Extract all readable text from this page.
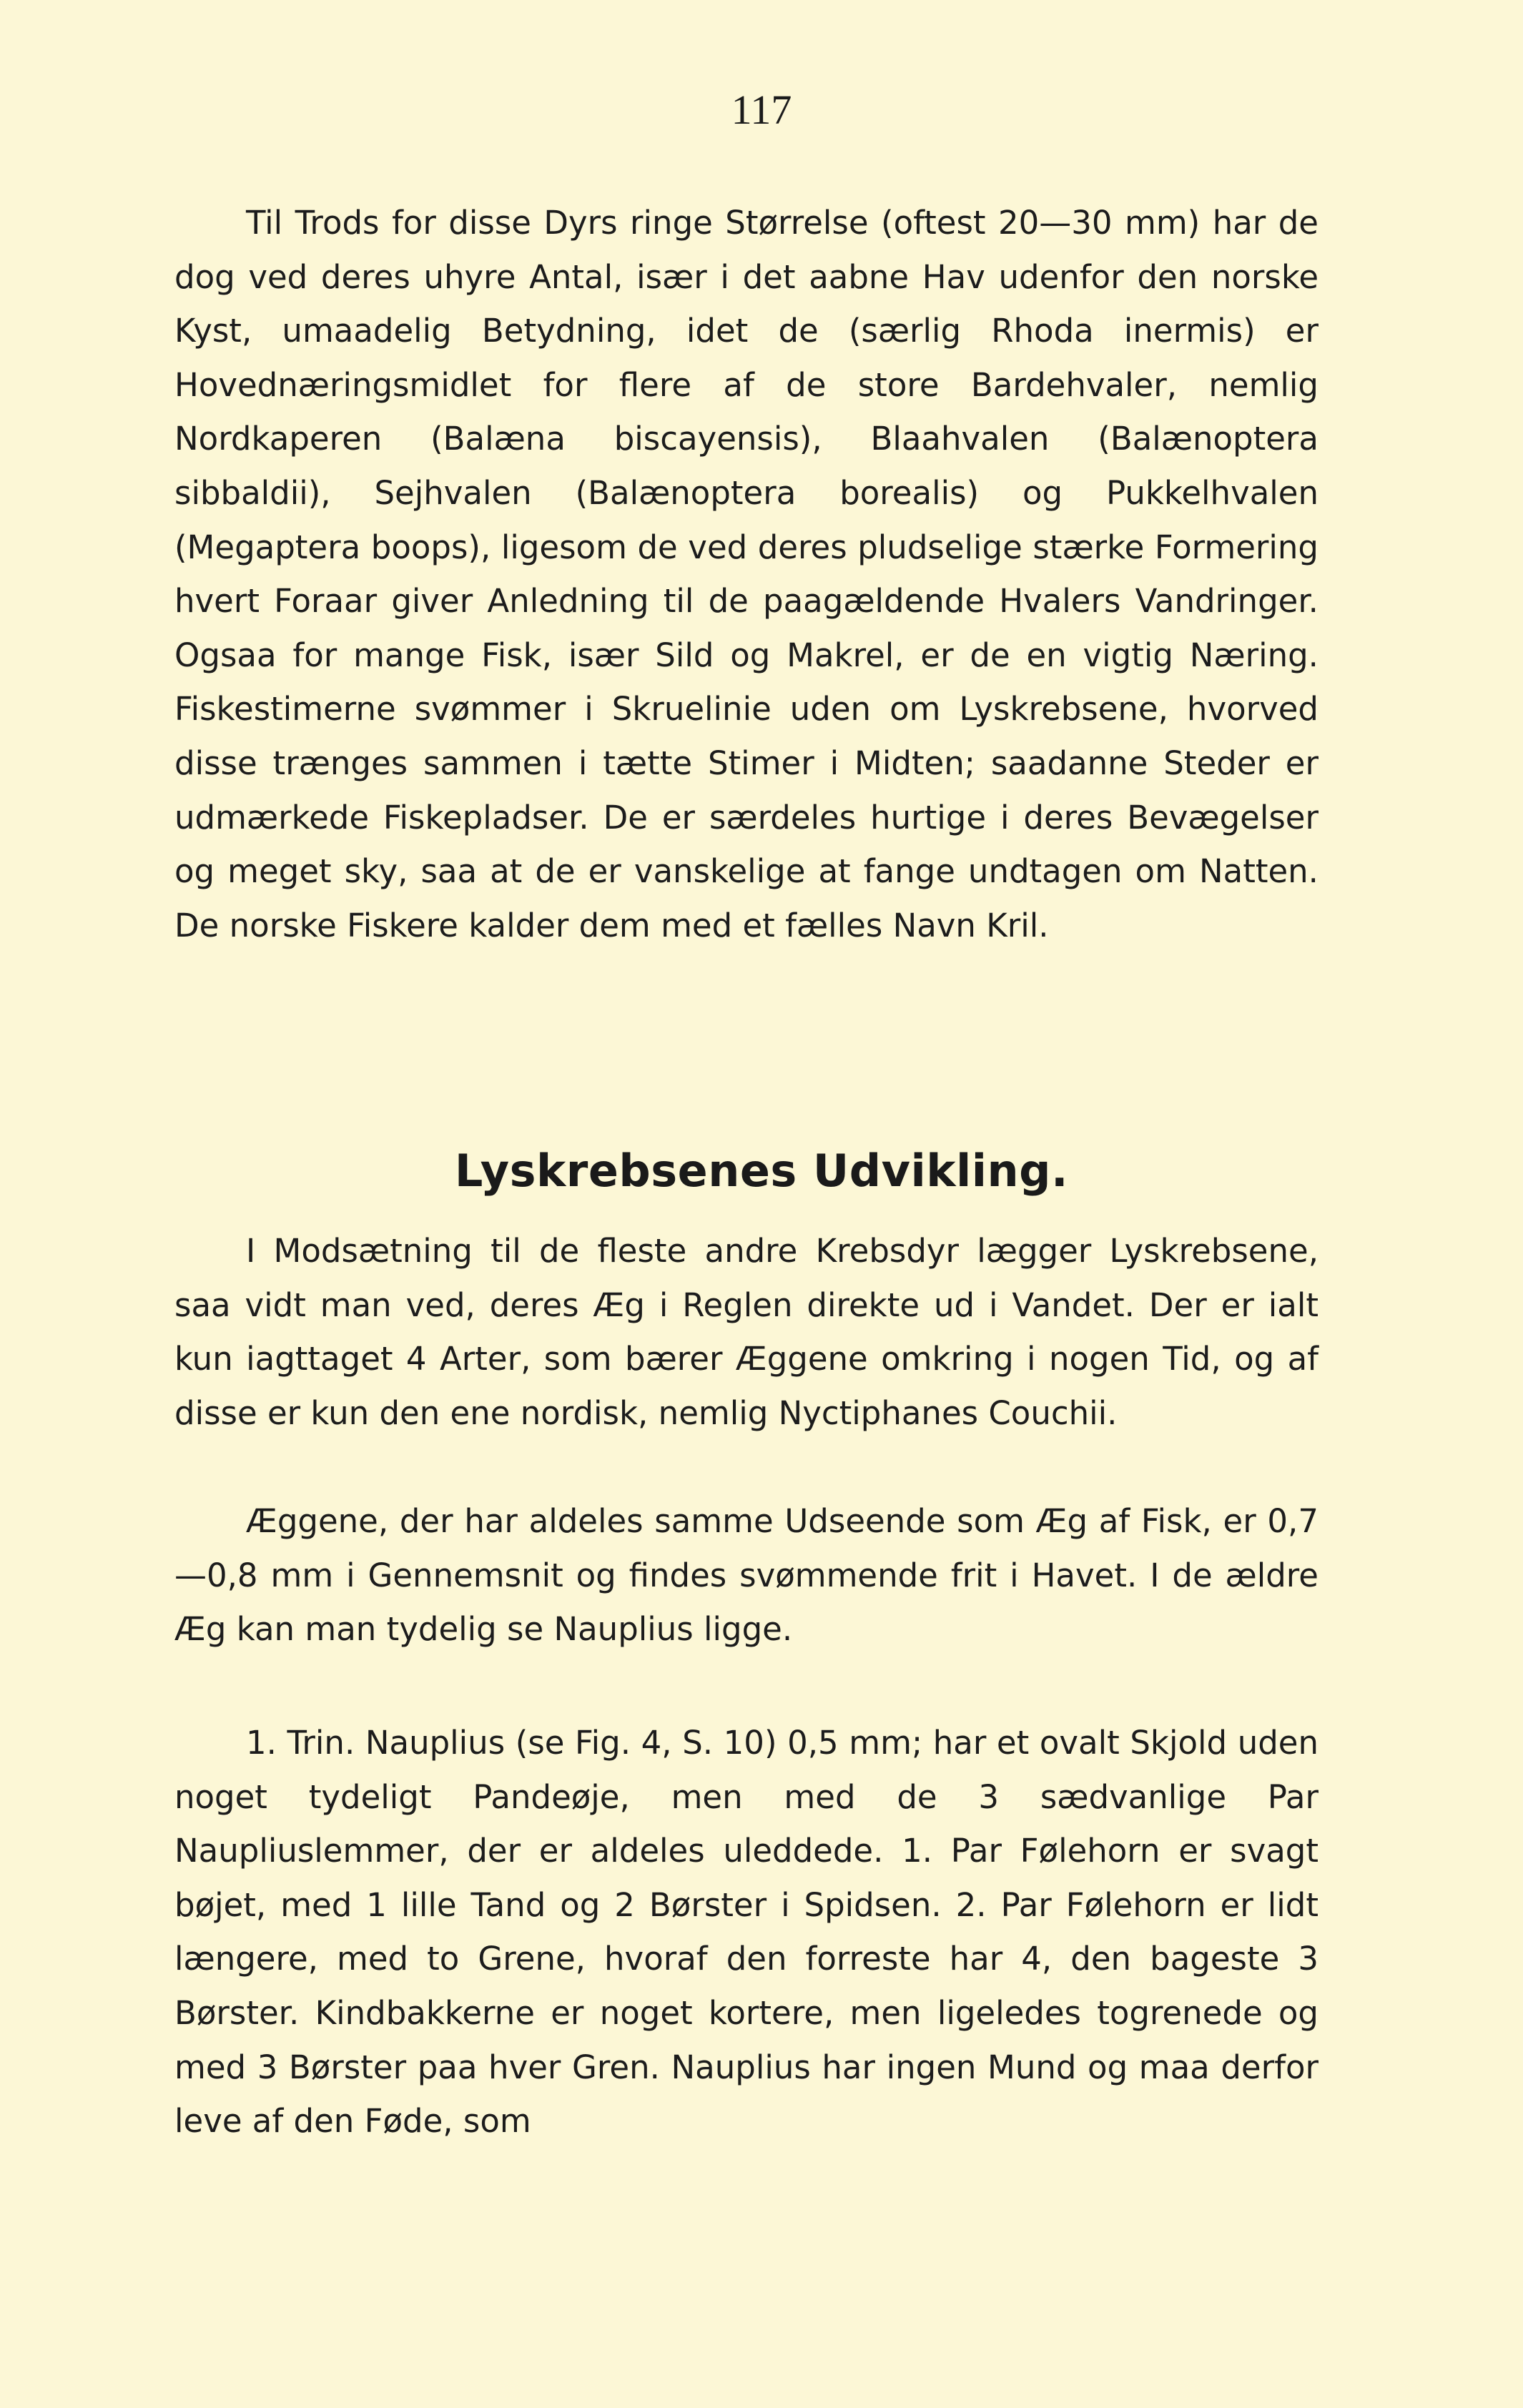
117

Til Trods for disse Dyrs ringe Størrelse (oftest 20—30 mm) har de dog ved deres uhyre Antal, især i det aabne Hav udenfor den norske Kyst, umaadelig Betydning, idet de (særlig Rhoda inermis) er Hovednæringsmidlet for flere af de store Bardehvaler, nemlig Nordkaperen (Balæna biscayensis), Blaahvalen (Balænoptera sibbaldii), Sejhvalen (Balænoptera borealis) og Pukkelhvalen (Megaptera boops), ligesom de ved deres pludselige stærke Formering hvert Foraar giver Anledning til de paagældende Hvalers Vandringer. Ogsaa for mange Fisk, især Sild og Makrel, er de en vigtig Næring. Fiskestimerne svømmer i Skruelinie uden om Lyskrebsene, hvorved disse trænges sammen i tætte Stimer i Midten; saadanne Steder er udmærkede Fiskepladser. De er særdeles hurtige i deres Bevægelser og meget sky, saa at de er vanskelige at fange undtagen om Natten. De norske Fiskere kalder dem med et fælles Navn Kril.

Lyskrebsenes Udvikling.

I Modsætning til de fleste andre Krebsdyr lægger Lyskrebsene, saa vidt man ved, deres Æg i Reglen direkte ud i Vandet. Der er ialt kun iagttaget 4 Arter, som bærer Æggene omkring i nogen Tid, og af disse er kun den ene nordisk, nemlig Nyctiphanes Couchii.

Æggene, der har aldeles samme Udseende som Æg af Fisk, er 0,7—0,8 mm i Gennemsnit og findes svømmende frit i Havet. I de ældre Æg kan man tydelig se Nauplius ligge.

1. Trin. Nauplius (se Fig. 4, S. 10) 0,5 mm; har et ovalt Skjold uden noget tydeligt Pandeøje, men med de 3 sædvanlige Par Naupliuslemmer, der er aldeles uleddede. 1. Par Følehorn er svagt bøjet, med 1 lille Tand og 2 Børster i Spidsen. 2. Par Følehorn er lidt længere, med to Grene, hvoraf den forreste har 4, den bageste 3 Børster. Kindbakkerne er noget kortere, men ligeledes togrenede og med 3 Børster paa hver Gren. Nauplius har ingen Mund og maa derfor leve af den Føde, som
